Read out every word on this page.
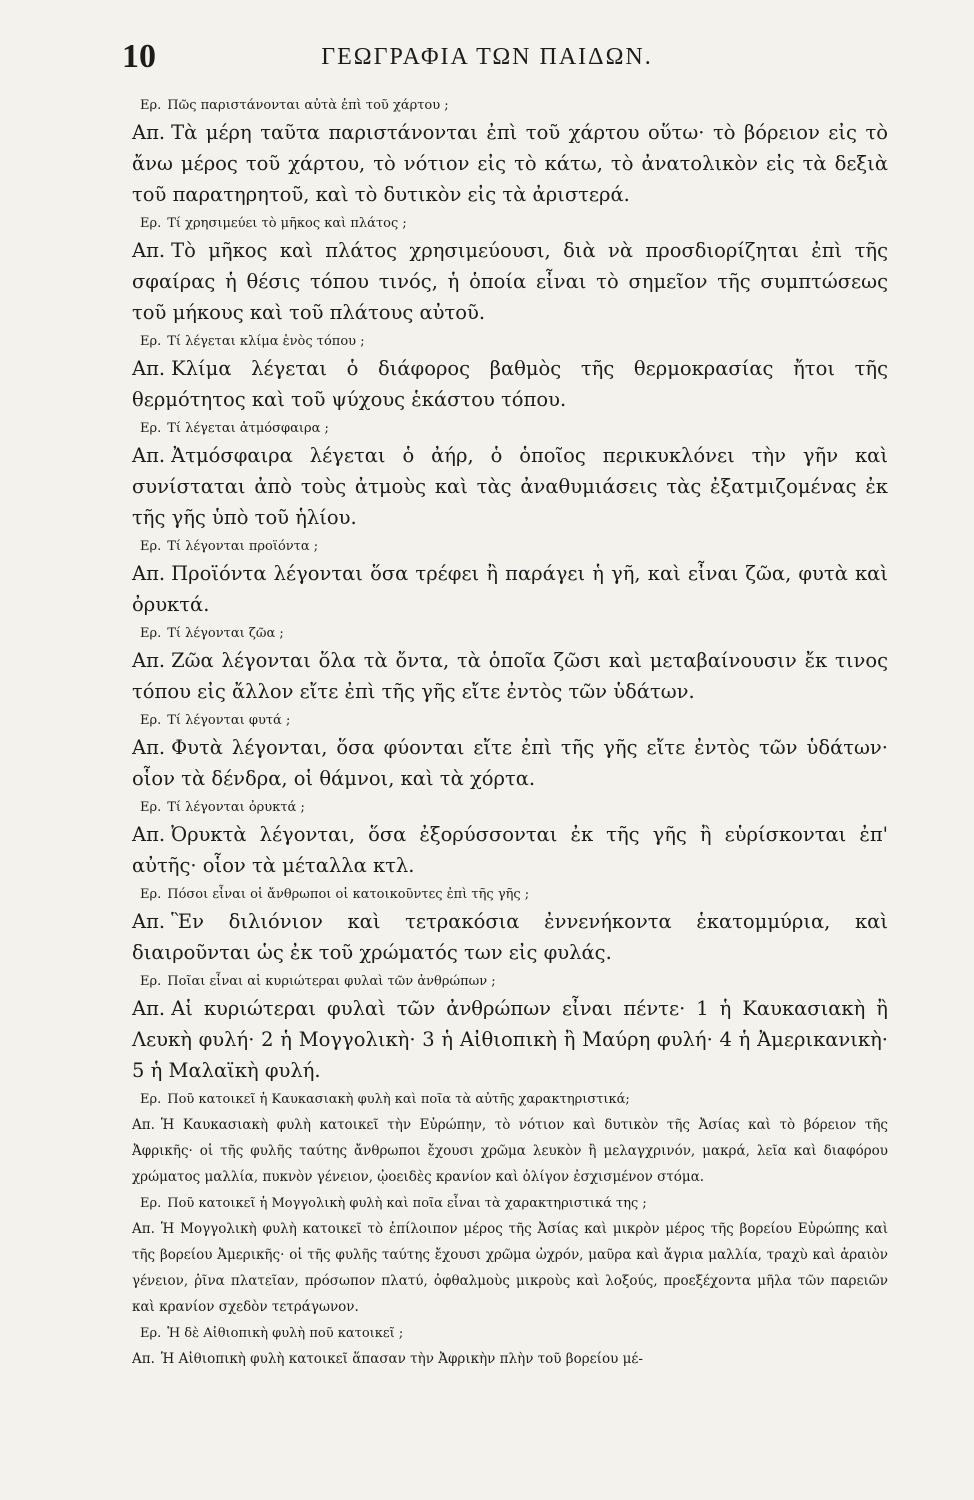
10	ΓΕΩΓΡΑΦΙΑ ΤΩΝ ΠΑΙΔΩΝ.
Ερ. Πῶς παριστάνονται αὐτὰ ἐπὶ τοῦ χάρτου ;

Απ. Τὰ μέρη ταῦτα παριστάνονται ἐπὶ τοῦ χάρτου οὕτω· τὸ βόρειον εἰς τὸ ἄνω μέρος τοῦ χάρτου, τὸ νότιον εἰς τὸ κάτω, τὸ ἀνατολικὸν εἰς τὰ δεξιὰ τοῦ παρατηρητοῦ, καὶ τὸ δυτικὸν εἰς τὰ ἀριστερά.

Ερ. Τί χρησιμεύει τὸ μῆκος καὶ πλάτος ;

Απ. Τὸ μῆκος καὶ πλάτος χρησιμεύουσι, διὰ νὰ προσδιορίζηται ἐπὶ τῆς σφαίρας ἡ θέσις τόπου τινός, ἡ ὁποία εἶναι τὸ σημεῖον τῆς συμπτώσεως τοῦ μήκους καὶ τοῦ πλάτους αὐτοῦ.

Ερ. Τί λέγεται κλίμα ἑνὸς τόπου ;

Απ. Κλίμα λέγεται ὁ διάφορος βαθμὸς τῆς θερμοκρασίας ἤτοι τῆς θερμότητος καὶ τοῦ ψύχους ἑκάστου τόπου.

Ερ. Τί λέγεται ἀτμόσφαιρα ;

Απ. Ἀτμόσφαιρα λέγεται ὁ ἀήρ, ὁ ὁποῖος περικυκλόνει τὴν γῆν καὶ συνίσταται ἀπὸ τοὺς ἀτμοὺς καὶ τὰς ἀναθυμιάσεις τὰς ἐξατμιζομένας ἐκ τῆς γῆς ὑπὸ τοῦ ἡλίου.

Ερ. Τί λέγονται προϊόντα ;

Απ. Προϊόντα λέγονται ὅσα τρέφει ἢ παράγει ἡ γῆ, καὶ εἶναι ζῶα, φυτὰ καὶ ὀρυκτά.

Ερ. Τί λέγονται ζῶα ;

Απ. Ζῶα λέγονται ὅλα τὰ ὄντα, τὰ ὁποῖα ζῶσι καὶ μεταβαίνουσιν ἔκ τινος τόπου εἰς ἄλλον εἴτε ἐπὶ τῆς γῆς εἴτε ἐντὸς τῶν ὑδάτων.

Ερ. Τί λέγονται φυτά ;

Απ. Φυτὰ λέγονται, ὅσα φύονται εἴτε ἐπὶ τῆς γῆς εἴτε ἐντὸς τῶν ὑδάτων· οἷον τὰ δένδρα, οἱ θάμνοι, καὶ τὰ χόρτα.

Ερ. Τί λέγονται ὀρυκτά ;

Απ. Ὀρυκτὰ λέγονται, ὅσα ἐξορύσσονται ἐκ τῆς γῆς ἢ εὑρίσκονται ἐπ' αὐτῆς· οἷον τὰ μέταλλα κτλ.

Ερ. Πόσοι εἶναι οἱ ἄνθρωποι οἱ κατοικοῦντες ἐπὶ τῆς γῆς ;

Απ. Ἓν διλιόνιον καὶ τετρακόσια ἐννενήκοντα ἑκατομμύρια, καὶ διαιροῦνται ὡς ἐκ τοῦ χρώματός των εἰς φυλάς.

Ερ. Ποῖαι εἶναι αἱ κυριώτεραι φυλαὶ τῶν ἀνθρώπων ;

Απ. Αἱ κυριώτεραι φυλαὶ τῶν ἀνθρώπων εἶναι πέντε· 1 ἡ Καυκασιακὴ ἢ Λευκὴ φυλή· 2 ἡ Μογγολικὴ· 3 ἡ Αἰθιοπικὴ ἢ Μαύρη φυλή· 4 ἡ Ἀμερικανικὴ· 5 ἡ Μαλαϊκὴ φυλή.

Ερ. Ποῦ κατοικεῖ ἡ Καυκασιακὴ φυλὴ καὶ ποῖα τὰ αὐτῆς χαρακτηριστικά;

Απ. Ἡ Καυκασιακὴ φυλὴ κατοικεῖ τὴν Εὐρώπην, τὸ νότιον καὶ δυτικὸν τῆς Ἀσίας καὶ τὸ βόρειον τῆς Ἀφρικῆς· οἱ τῆς φυλῆς ταύτης ἄνθρωποι ἔχουσι χρῶμα λευκὸν ἢ μελαγχρινόν, μακρά, λεῖα καὶ διαφόρου χρώματος μαλλία, πυκνὸν γένειον, ᾠοειδὲς κρανίον καὶ ὀλίγον ἐσχισμένον στόμα.

Ερ. Ποῦ κατοικεῖ ἡ Μογγολικὴ φυλὴ καὶ ποῖα εἶναι τὰ χαρακτηριστικά της ;

Απ. Ἡ Μογγολικὴ φυλὴ κατοικεῖ τὸ ἐπίλοιπον μέρος τῆς Ἀσίας καὶ μικρὸν μέρος τῆς βορείου Εὐρώπης καὶ τῆς βορείου Ἀμερικῆς· οἱ τῆς φυλῆς ταύτης ἔχουσι χρῶμα ὠχρόν, μαῦρα καὶ ἄγρια μαλλία, τραχὺ καὶ ἀραιὸν γένειον, ῥῖνα πλατεῖαν, πρόσωπον πλατύ, ὀφθαλμοὺς μικροὺς καὶ λοξούς, προεξέχοντα μῆλα τῶν παρειῶν καὶ κρανίον σχεδὸν τετράγωνον.

Ερ. Ἡ δὲ Αἰθιοπικὴ φυλὴ ποῦ κατοικεῖ ;

Απ. Ἡ Αἰθιοπικὴ φυλὴ κατοικεῖ ἅπασαν τὴν Ἀφρικὴν πλὴν τοῦ βορείου μέ-
